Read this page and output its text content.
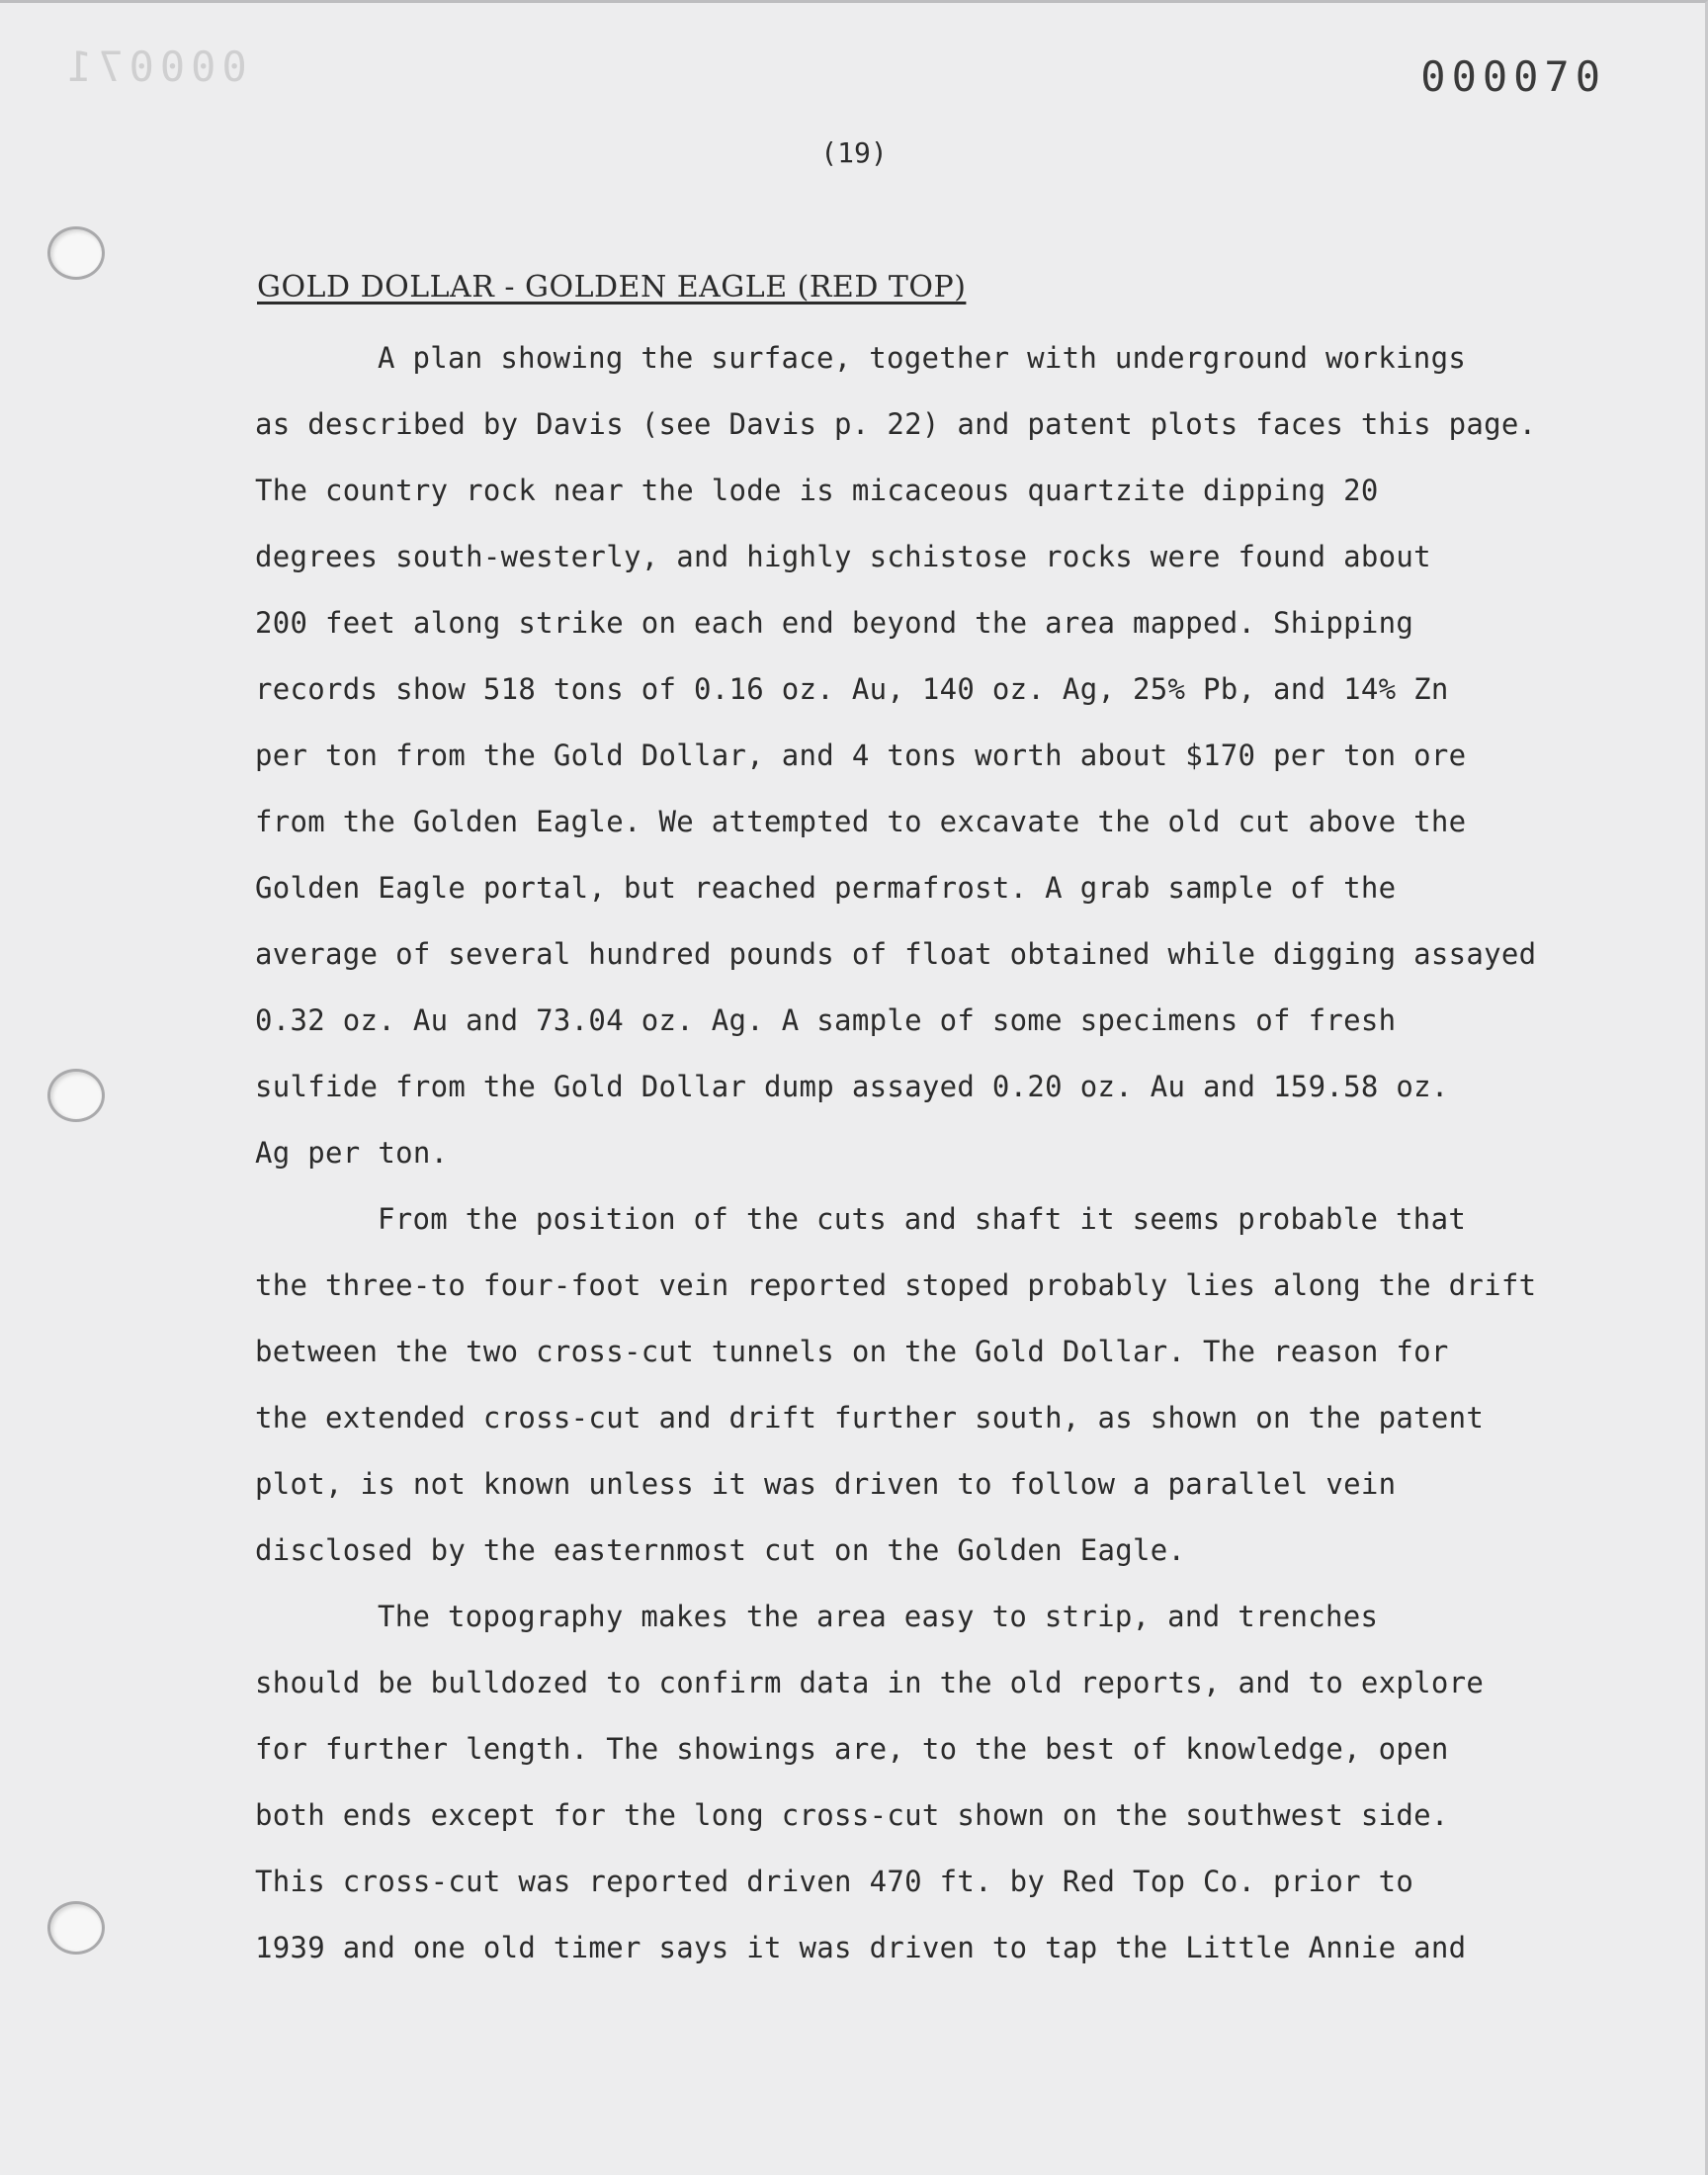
000071	000070
(19)
GOLD DOLLAR - GOLDEN EAGLE (RED TOP)
A plan showing the surface, together with underground workings
as described by Davis (see Davis p. 22) and patent plots faces this page.
The country rock near the lode is micaceous quartzite dipping 20
degrees south-westerly, and highly schistose rocks were found about
200 feet along strike on each end beyond the area mapped. Shipping
records show 518 tons of 0.16 oz. Au, 140 oz. Ag, 25% Pb, and 14% Zn
per ton from the Gold Dollar, and 4 tons worth about $170 per ton ore
from the Golden Eagle. We attempted to excavate the old cut above the
Golden Eagle portal, but reached permafrost. A grab sample of the
average of several hundred pounds of float obtained while digging assayed
0.32 oz. Au and 73.04 oz. Ag. A sample of some specimens of fresh
sulfide from the Gold Dollar dump assayed 0.20 oz. Au and 159.58 oz.
Ag per ton.
From the position of the cuts and shaft it seems probable that
the three-to four-foot vein reported stoped probably lies along the drift
between the two cross-cut tunnels on the Gold Dollar. The reason for
the extended cross-cut and drift further south, as shown on the patent
plot, is not known unless it was driven to follow a parallel vein
disclosed by the easternmost cut on the Golden Eagle.
The topography makes the area easy to strip, and trenches
should be bulldozed to confirm data in the old reports, and to explore
for further length. The showings are, to the best of knowledge, open
both ends except for the long cross-cut shown on the southwest side.
This cross-cut was reported driven 470 ft. by Red Top Co. prior to
1939 and one old timer says it was driven to tap the Little Annie and
